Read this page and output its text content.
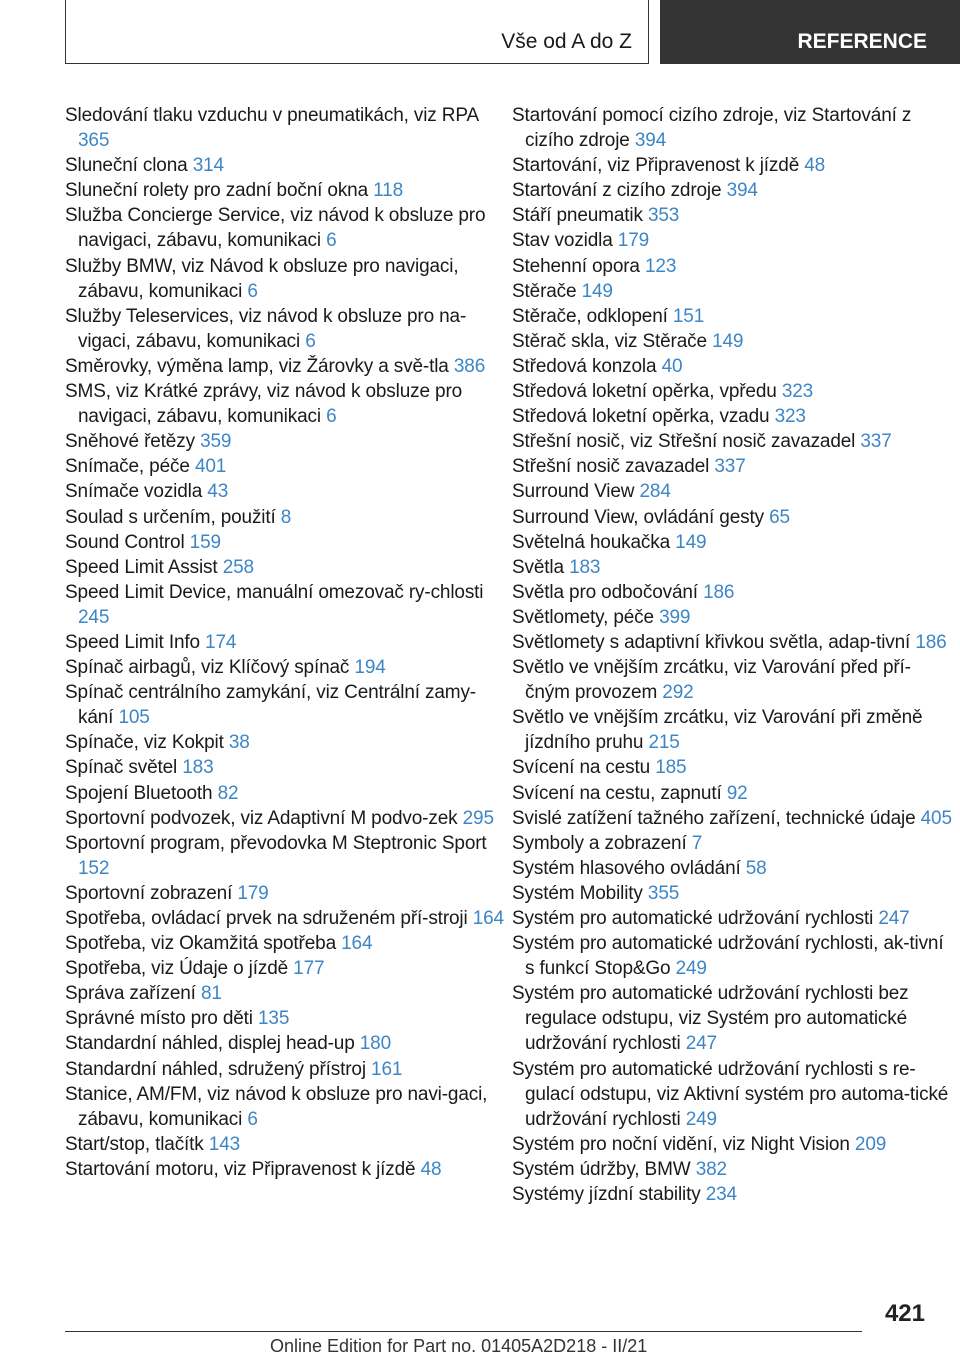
Vše od A do Z	REFERENCE
Sledování tlaku vzduchu v pneumatikách, viz RPA 365
Sluneční clona 314
Sluneční rolety pro zadní boční okna 118
Služba Concierge Service, viz návod k obsluze pro navigaci, zábavu, komunikaci 6
Služby BMW, viz Návod k obsluze pro navigaci, zábavu, komunikaci 6
Služby Teleservices, viz návod k obsluze pro na-vigaci, zábavu, komunikaci 6
Směrovky, výměna lamp, viz Žárovky a svě-tla 386
SMS, viz Krátké zprávy, viz návod k obsluze pro navigaci, zábavu, komunikaci 6
Sněhové řetězy 359
Snímače, péče 401
Snímače vozidla 43
Soulad s určením, použití 8
Sound Control 159
Speed Limit Assist 258
Speed Limit Device, manuální omezovač ry-chlosti 245
Speed Limit Info 174
Spínač airbagů, viz Klíčový spínač 194
Spínač centrálního zamykání, viz Centrální zamy-kání 105
Spínače, viz Kokpit 38
Spínač světel 183
Spojení Bluetooth 82
Sportovní podvozek, viz Adaptivní M podvo-zek 295
Sportovní program, převodovka M Steptronic Sport 152
Sportovní zobrazení 179
Spotřeba, ovládací prvek na sdruženém pří-stroji 164
Spotřeba, viz Okamžitá spotřeba 164
Spotřeba, viz Údaje o jízdě 177
Správa zařízení 81
Správné místo pro děti 135
Standardní náhled, displej head-up 180
Standardní náhled, sdružený přístroj 161
Stanice, AM/FM, viz návod k obsluze pro navi-gaci, zábavu, komunikaci 6
Start/stop, tlačítk 143
Startování motoru, viz Připravenost k jízdě 48
Startování pomocí cizího zdroje, viz Startování z cizího zdroje 394
Startování, viz Připravenost k jízdě 48
Startování z cizího zdroje 394
Stáří pneumatik 353
Stav vozidla 179
Stehenní opora 123
Stěrače 149
Stěrače, odklopení 151
Stěrač skla, viz Stěrače 149
Středová konzola 40
Středová loketní opěrka, vpředu 323
Středová loketní opěrka, vzadu 323
Střešní nosič, viz Střešní nosič zavazadel 337
Střešní nosič zavazadel 337
Surround View 284
Surround View, ovládání gesty 65
Světelná houkačka 149
Světla 183
Světla pro odbočování 186
Světlomety, péče 399
Světlomety s adaptivní křivkou světla, adap-tivní 186
Světlo ve vnějším zrcátku, viz Varování před pří-čným provozem 292
Světlo ve vnějším zrcátku, viz Varování při změně jízdního pruhu 215
Svícení na cestu 185
Svícení na cestu, zapnutí 92
Svislé zatížení tažného zařízení, technické údaje 405
Symboly a zobrazení 7
Systém hlasového ovládání 58
Systém Mobility 355
Systém pro automatické udržování rychlosti 247
Systém pro automatické udržování rychlosti, ak-tivní s funkcí Stop&Go 249
Systém pro automatické udržování rychlosti bez regulace odstupu, viz Systém pro automatické udržování rychlosti 247
Systém pro automatické udržování rychlosti s re-gulací odstupu, viz Aktivní systém pro automa-tické udržování rychlosti 249
Systém pro noční vidění, viz Night Vision 209
Systém údržby, BMW 382
Systémy jízdní stability 234
421
Online Edition for Part no. 01405A2D218 - II/21
